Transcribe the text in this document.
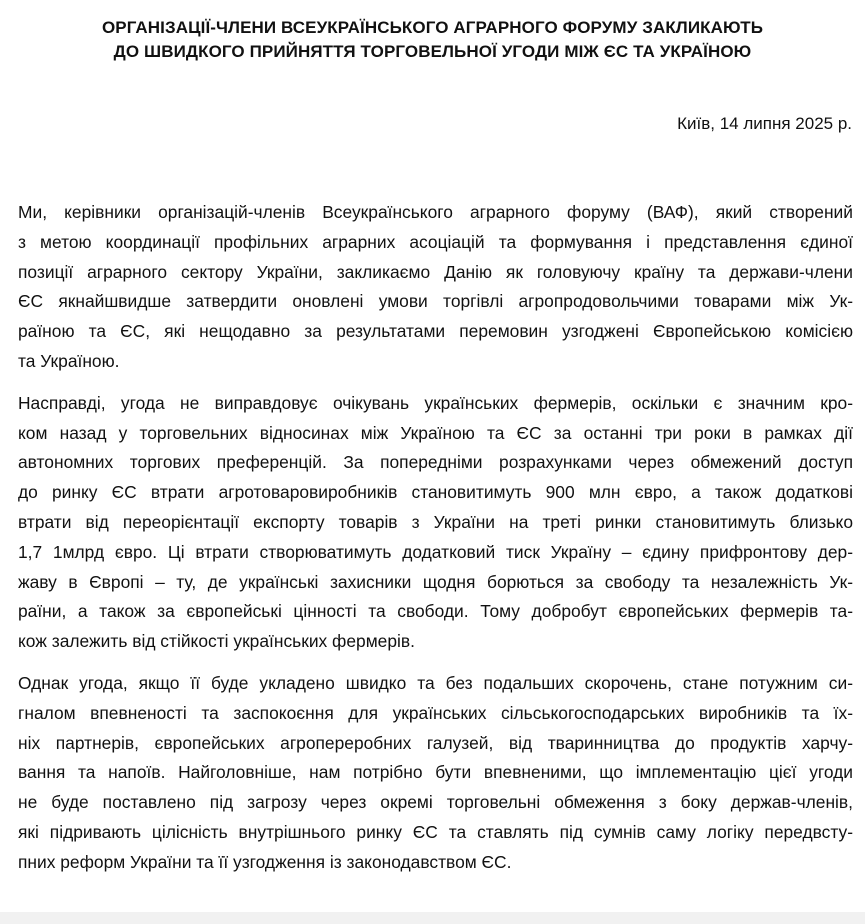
ОРГАНІЗАЦІЇ-ЧЛЕНИ ВСЕУКРАЇНСЬКОГО АГРАРНОГО ФОРУМУ ЗАКЛИКАЮТЬ
ДО ШВИДКОГО ПРИЙНЯТТЯ ТОРГОВЕЛЬНОЇ УГОДИ МІЖ ЄС ТА УКРАЇНОЮ
Київ, 14 липня 2025 р.
Ми, керівники організацій-членів Всеукраїнського аграрного форуму (ВАФ), який створений
з метою координації профільних аграрних асоціацій та формування і представлення єдиної
позиції аграрного сектору України, закликаємо Данію як головуючу країну та держави-члени
ЄС якнайшвидше затвердити оновлені умови торгівлі агропродовольчими товарами між Ук-
раїною та ЄС, які нещодавно за результатами перемовин узгоджені Європейською комісією
та Україною.
Насправді, угода не виправдовує очікувань українських фермерів, оскільки є значним кро-
ком назад у торговельних відносинах між Україною та ЄС за останні три роки в рамках дії
автономних торгових преференцій. За попередніми розрахунками через обмежений доступ
до ринку ЄС втрати агротоваровиробників становитимуть 900 млн євро, а також додаткові
втрати від переорієнтації експорту товарів з України на треті ринки становитимуть близько
1,7 1млрд євро. Ці втрати створюватимуть додатковий тиск Україну – єдину прифронтову дер-
жаву в Європі – ту, де українські захисники щодня борються за свободу та незалежність Ук-
раїни, а також за європейські цінності та свободи. Тому добробут європейських фермерів та-
кож залежить від стійкості українських фермерів.
Однак угода, якщо її буде укладено швидко та без подальших скорочень, стане потужним си-
гналом впевненості та заспокоєння для українських сільськогосподарських виробників та їх-
ніх партнерів, європейських агропереробних галузей, від тваринництва до продуктів харчу-
вання та напоїв. Найголовніше, нам потрібно бути впевненими, що імплементацію цієї угоди
не буде поставлено під загрозу через окремі торговельні обмеження з боку держав-членів,
які підривають цілісність внутрішнього ринку ЄС та ставлять під сумнів саму логіку передвсту-
пних реформ України та її узгодження із законодавством ЄС.
